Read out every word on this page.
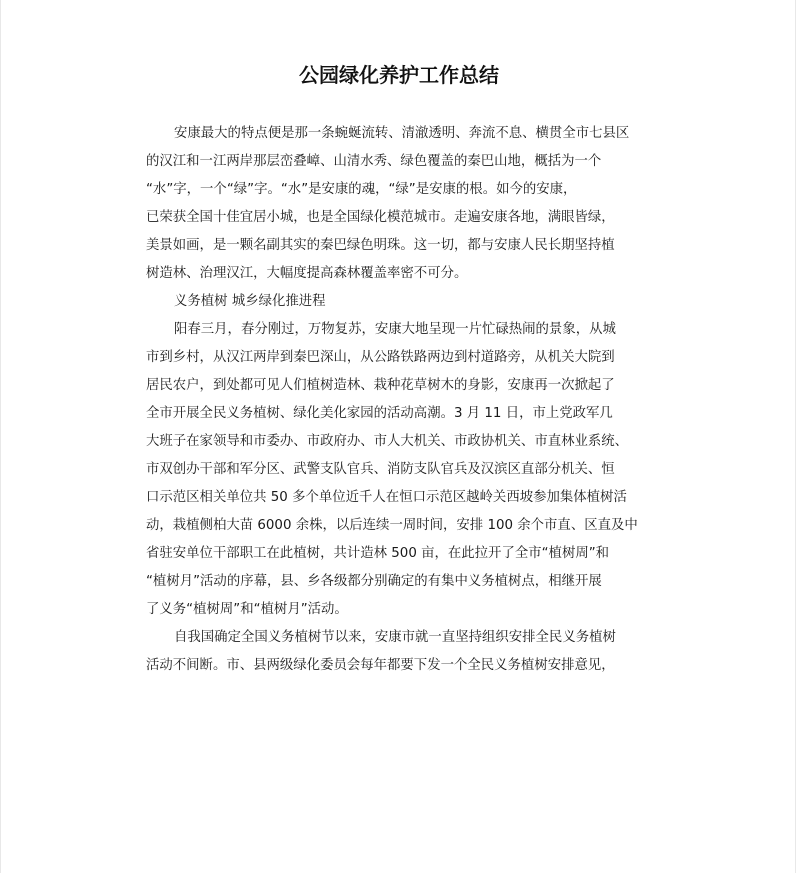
公园绿化养护工作总结
安康最大的特点便是那一条蜿蜒流转、清澈透明、奔流不息、横贯全市七县区
的汉江和一江两岸那层峦叠嶂、山清水秀、绿色覆盖的秦巴山地，概括为一个
“水”字，一个“绿”字。“水”是安康的魂，“绿”是安康的根。如今的安康，
已荣获全国十佳宜居小城，也是全国绿化模范城市。走遍安康各地，满眼皆绿，
美景如画，是一颗名副其实的秦巴绿色明珠。这一切，都与安康人民长期坚持植
树造林、治理汉江，大幅度提高森林覆盖率密不可分。
义务植树 城乡绿化推进程
阳春三月，春分刚过，万物复苏，安康大地呈现一片忙碌热闹的景象，从城
市到乡村，从汉江两岸到秦巴深山，从公路铁路两边到村道路旁，从机关大院到
居民农户，到处都可见人们植树造林、栽种花草树木的身影，安康再一次掀起了
全市开展全民义务植树、绿化美化家园的活动高潮。3 月 11 日，市上党政军几
大班子在家领导和市委办、市政府办、市人大机关、市政协机关、市直林业系统、
市双创办干部和军分区、武警支队官兵、消防支队官兵及汉滨区直部分机关、恒
口示范区相关单位共 50 多个单位近千人在恒口示范区越岭关西坡参加集体植树活
动，栽植侧柏大苗 6000 余株，以后连续一周时间，安排 100 余个市直、区直及中
省驻安单位干部职工在此植树，共计造林 500 亩，在此拉开了全市“植树周”和
“植树月”活动的序幕，县、乡各级都分别确定的有集中义务植树点，相继开展
了义务“植树周”和“植树月”活动。
自我国确定全国义务植树节以来，安康市就一直坚持组织安排全民义务植树
活动不间断。市、县两级绿化委员会每年都要下发一个全民义务植树安排意见，
